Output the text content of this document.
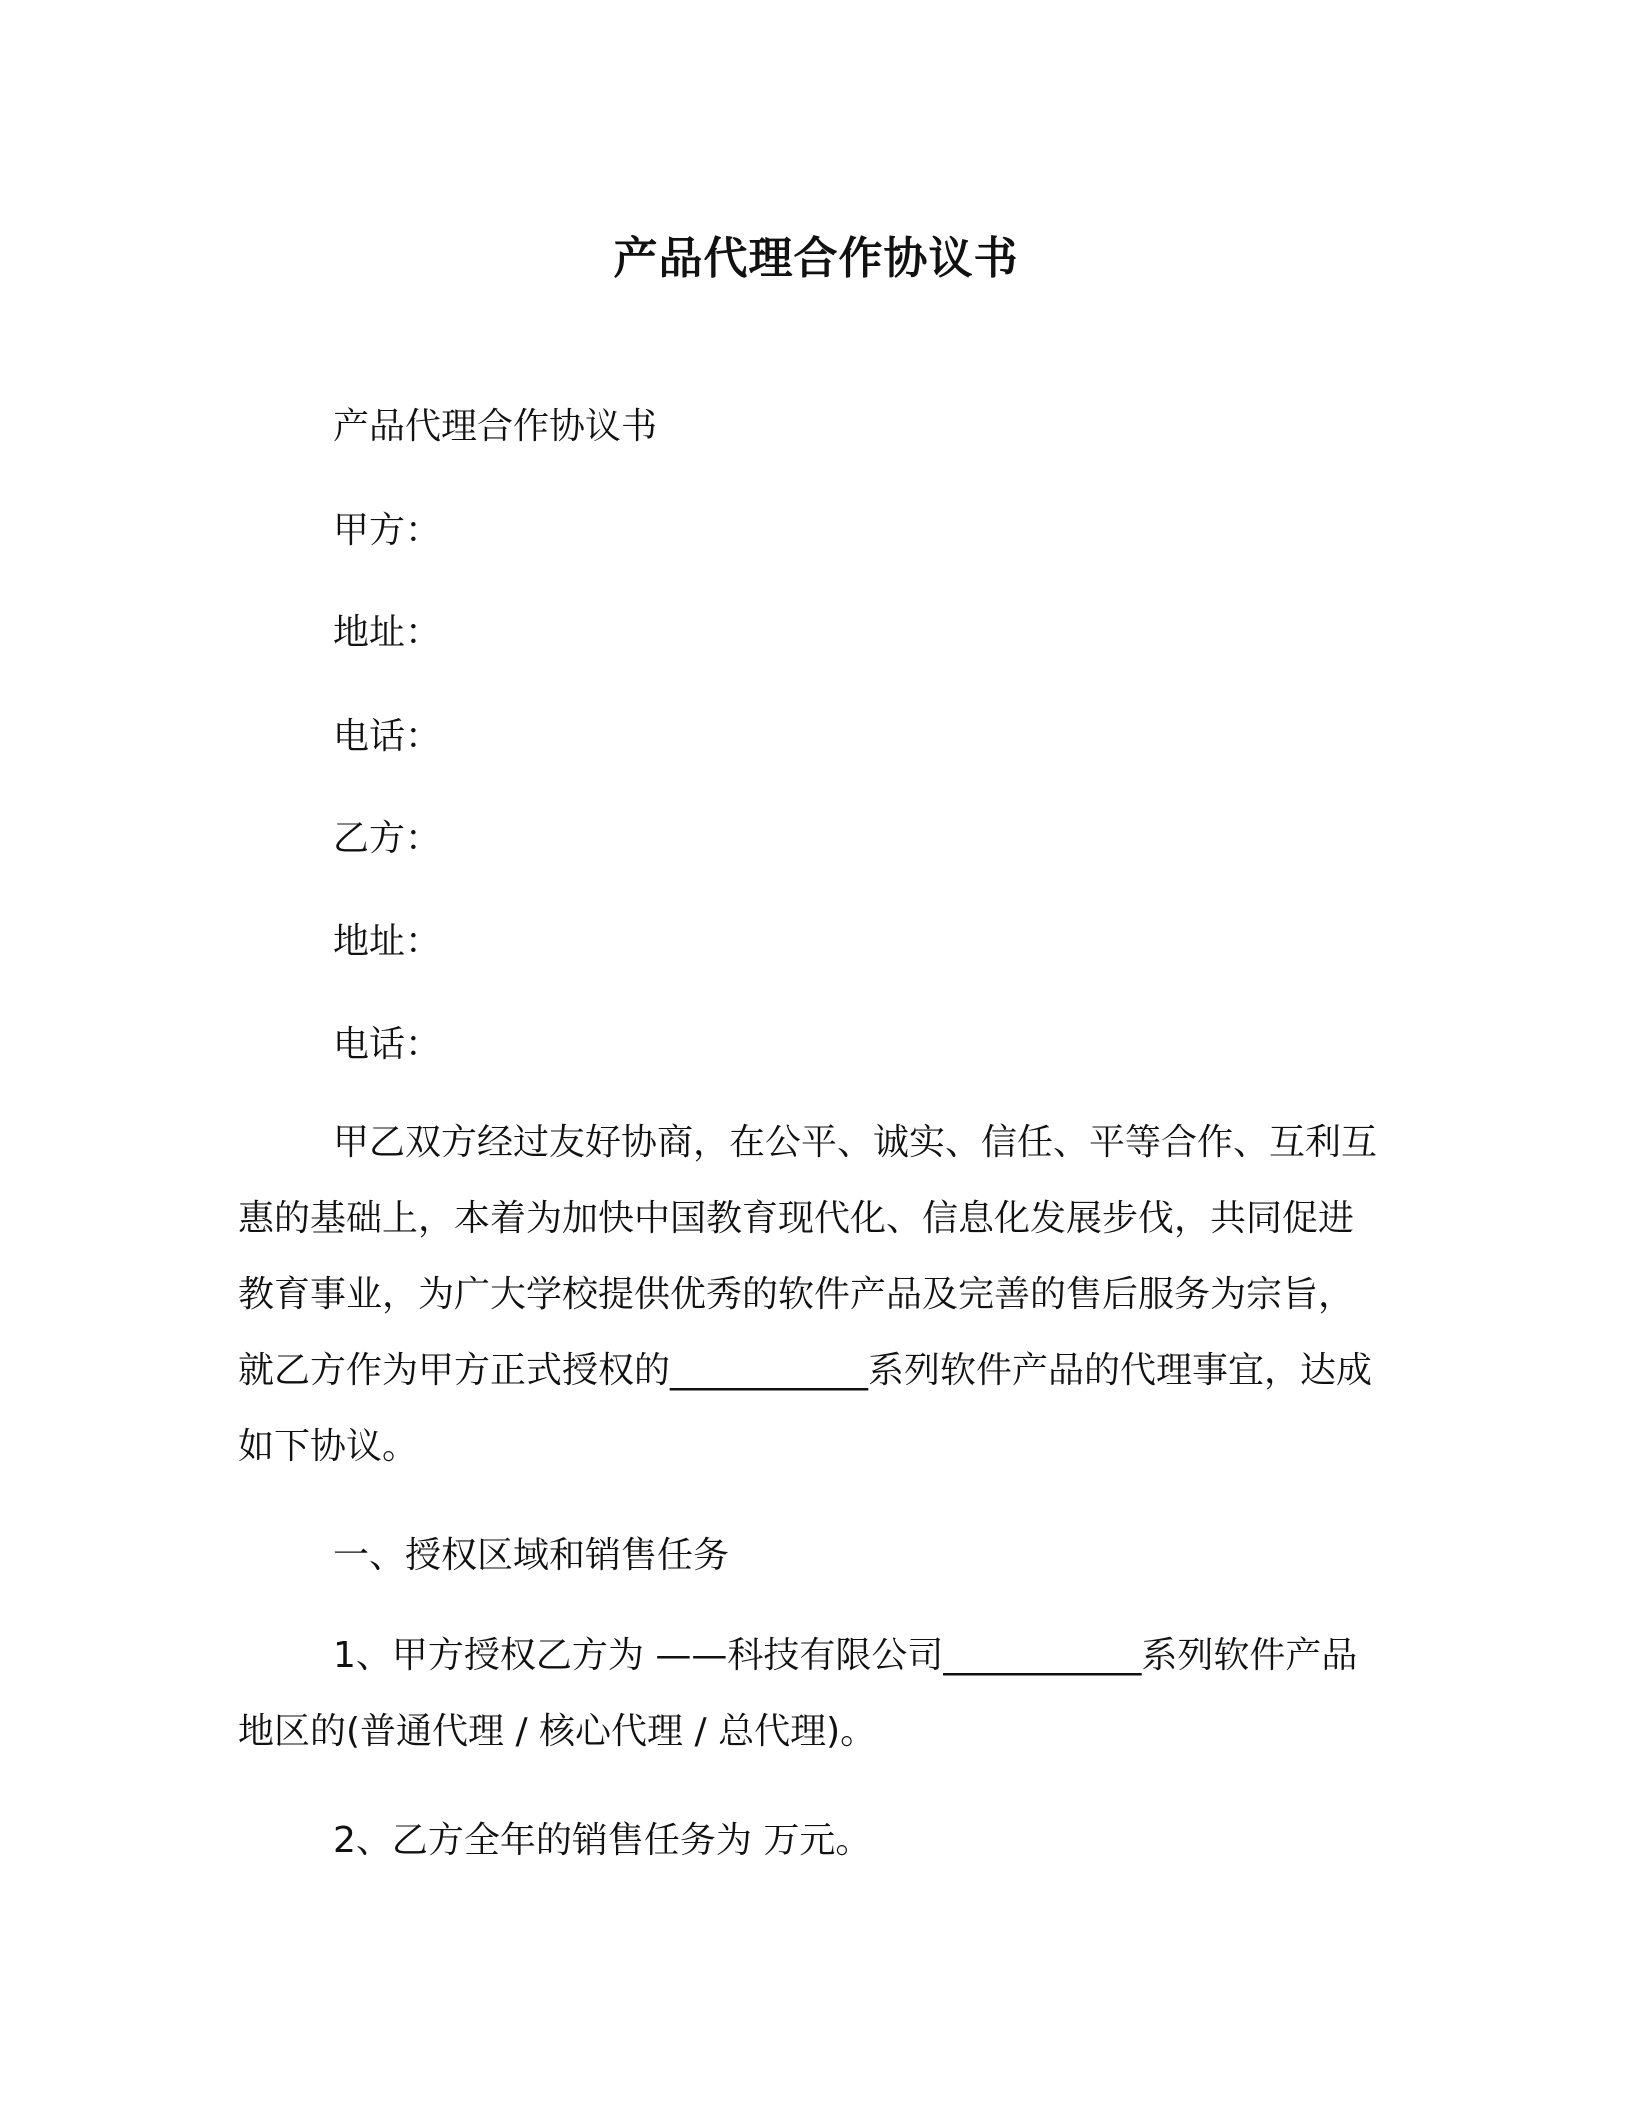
产品代理合作协议书
产品代理合作协议书
甲方：
地址：
电话：
乙方：
地址：
电话：
甲乙双方经过友好协商，在公平、诚实、信任、平等合作、互利互惠的基础上，本着为加快中国教育现代化、信息化发展步伐，共同促进教育事业，为广大学校提供优秀的软件产品及完善的售后服务为宗旨，就乙方作为甲方正式授权的___________系列软件产品的代理事宜，达成如下协议。
一、授权区域和销售任务
1、甲方授权乙方为 ——科技有限公司___________系列软件产品地区的(普通代理 / 核心代理 / 总代理)。
2、乙方全年的销售任务为 万元。
